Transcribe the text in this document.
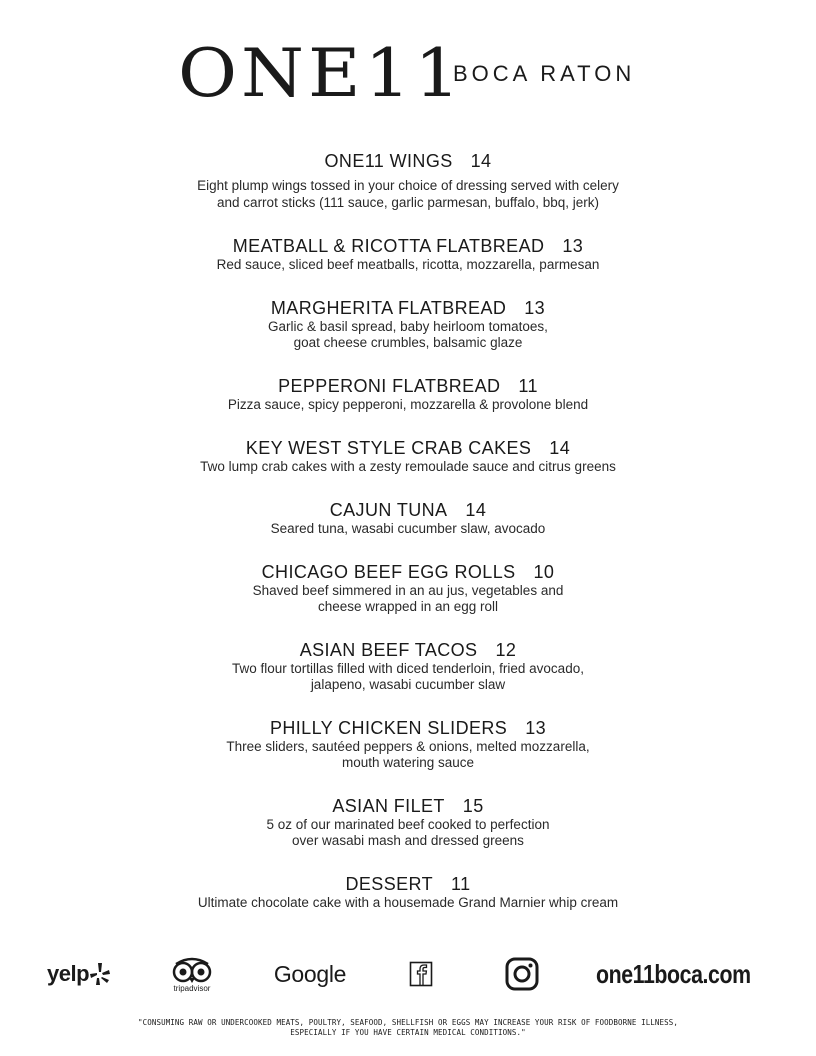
ONE11
BOCA RATON
ONE11 WINGS 14
Eight plump wings tossed in your choice of dressing served with celery
and carrot sticks (111 sauce, garlic parmesan, buffalo, bbq, jerk)
MEATBALL & RICOTTA FLATBREAD 13
Red sauce, sliced beef meatballs, ricotta, mozzarella, parmesan
MARGHERITA FLATBREAD 13
Garlic & basil spread, baby heirloom tomatoes,
goat cheese crumbles, balsamic glaze
PEPPERONI FLATBREAD 11
Pizza sauce, spicy pepperoni, mozzarella & provolone blend
KEY WEST STYLE CRAB CAKES 14
Two lump crab cakes with a zesty remoulade sauce and citrus greens
CAJUN TUNA 14
Seared tuna, wasabi cucumber slaw, avocado
CHICAGO BEEF EGG ROLLS 10
Shaved beef simmered in an au jus, vegetables and
cheese wrapped in an egg roll
ASIAN BEEF TACOS 12
Two flour tortillas filled with diced tenderloin, fried avocado,
jalapeno, wasabi cucumber slaw
PHILLY CHICKEN SLIDERS 13
Three sliders, sautéed peppers & onions, melted mozzarella,
mouth watering sauce
ASIAN FILET 15
5 oz of our marinated beef cooked to perfection
over wasabi mash and dressed greens
DESSERT 11
Ultimate chocolate cake with a housemade Grand Marnier whip cream
yelp
tripadvisor
Google	one11boca.com
"CONSUMING RAW OR UNDERCOOKED MEATS, POULTRY, SEAFOOD, SHELLFISH OR EGGS MAY INCREASE YOUR RISK OF FOODBORNE ILLNESS,
ESPECIALLY IF YOU HAVE CERTAIN MEDICAL CONDITIONS."
